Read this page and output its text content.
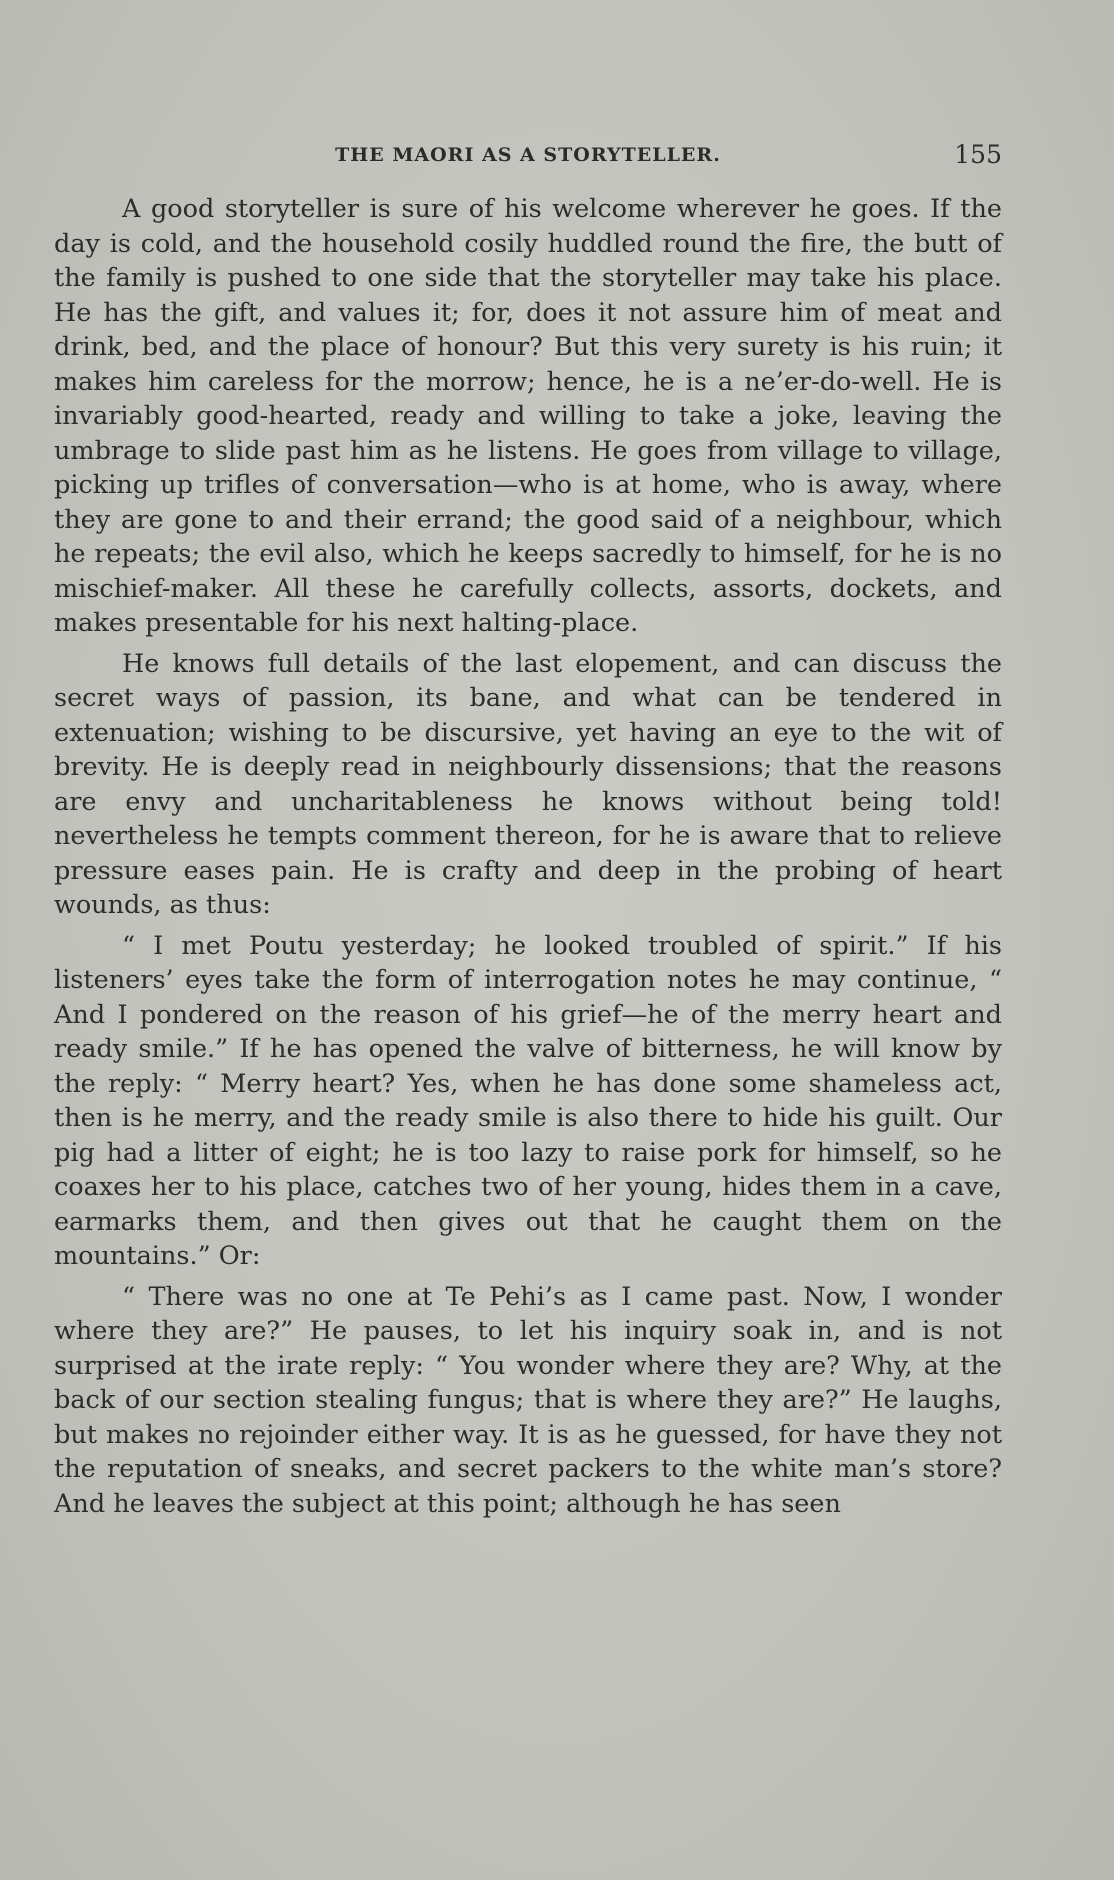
THE MAORI AS A STORYTELLER.	155

A good storyteller is sure of his welcome wherever he goes. If the day is cold, and the household cosily huddled round the fire, the butt of the family is pushed to one side that the storyteller may take his place. He has the gift, and values it; for, does it not assure him of meat and drink, bed, and the place of honour? But this very surety is his ruin; it makes him careless for the morrow; hence, he is a ne’er-do-well. He is invariably good-hearted, ready and willing to take a joke, leaving the umbrage to slide past him as he listens. He goes from village to village, picking up trifles of conversation—who is at home, who is away, where they are gone to and their errand; the good said of a neighbour, which he repeats; the evil also, which he keeps sacredly to himself, for he is no mischief-maker. All these he carefully collects, assorts, dockets, and makes presentable for his next halting-place.

He knows full details of the last elopement, and can discuss the secret ways of passion, its bane, and what can be tendered in extenuation; wishing to be discursive, yet having an eye to the wit of brevity. He is deeply read in neighbourly dissensions; that the reasons are envy and uncharitableness he knows without being told! nevertheless he tempts comment thereon, for he is aware that to relieve pressure eases pain. He is crafty and deep in the probing of heart wounds, as thus:

“ I met Poutu yesterday; he looked troubled of spirit.” If his listeners’ eyes take the form of interrogation notes he may continue, “ And I pondered on the reason of his grief—he of the merry heart and ready smile.” If he has opened the valve of bitterness, he will know by the reply: “ Merry heart? Yes, when he has done some shameless act, then is he merry, and the ready smile is also there to hide his guilt. Our pig had a litter of eight; he is too lazy to raise pork for himself, so he coaxes her to his place, catches two of her young, hides them in a cave, earmarks them, and then gives out that he caught them on the mountains.” Or:

“ There was no one at Te Pehi’s as I came past. Now, I wonder where they are?” He pauses, to let his inquiry soak in, and is not surprised at the irate reply: “ You wonder where they are? Why, at the back of our section stealing fungus; that is where they are?” He laughs, but makes no rejoinder either way. It is as he guessed, for have they not the reputation of sneaks, and secret packers to the white man’s store? And he leaves the subject at this point; although he has seen
